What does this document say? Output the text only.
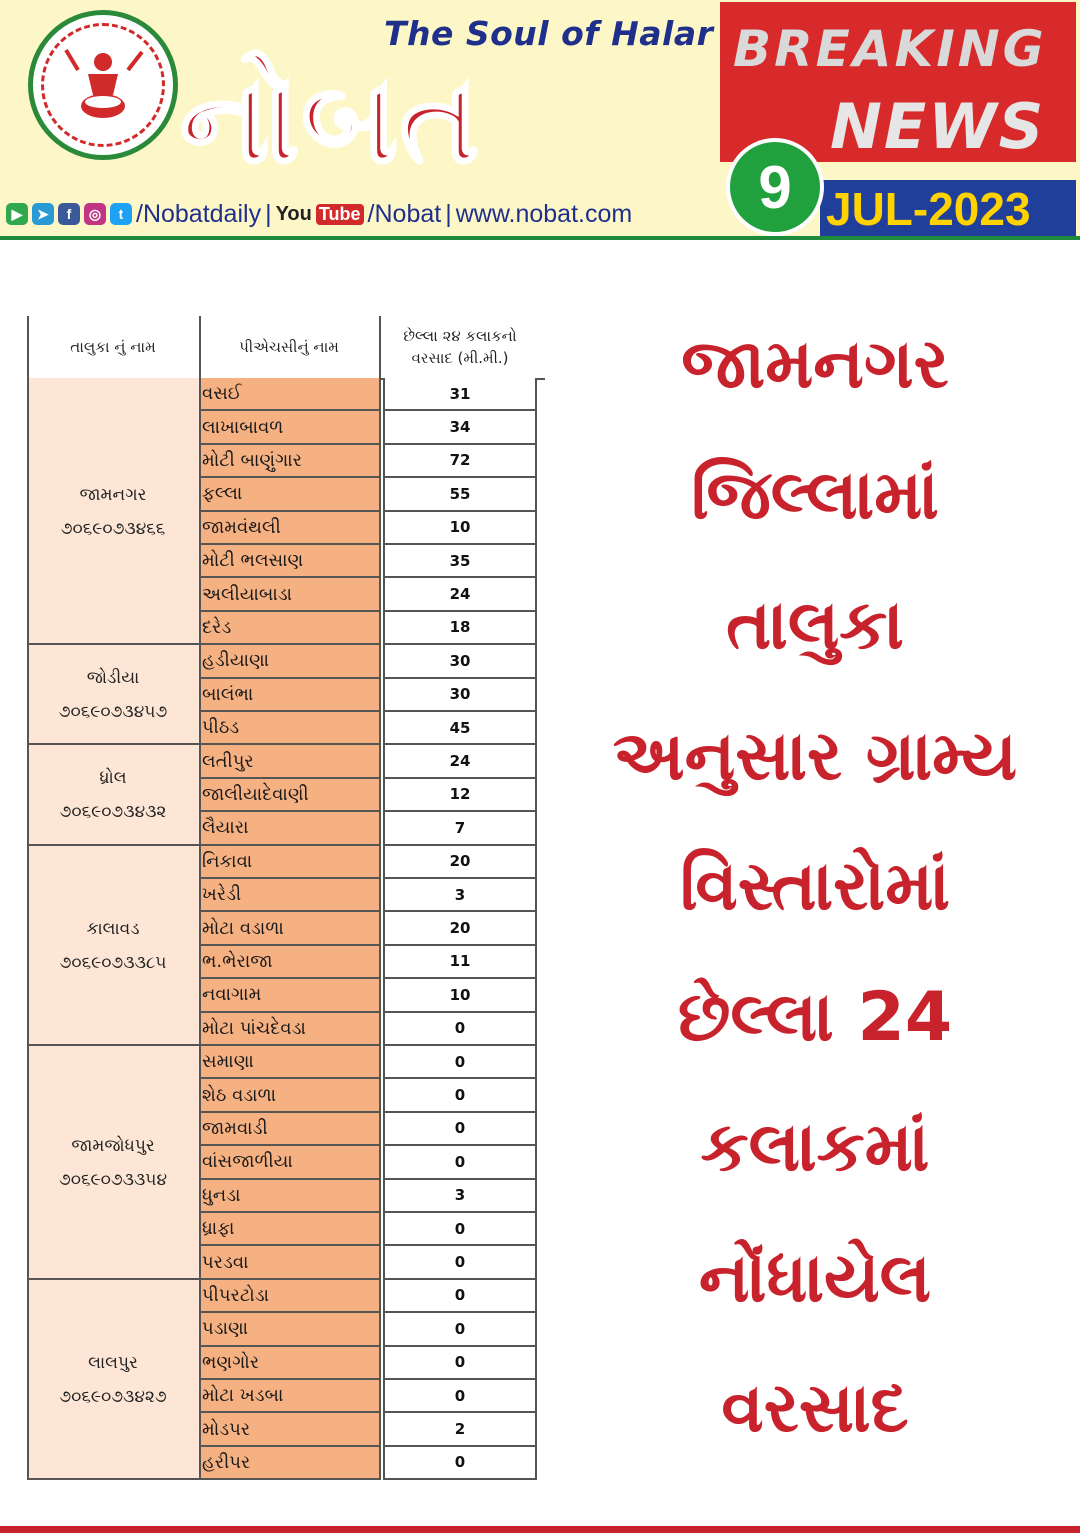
The Soul of Halar
નોબત
▶	➤	f	◎	t /Nobatdaily | You Tube /Nobat | www.nobat.com
BREAKING
NEWS
JUL-2023
9
તાલુકા નું નામ	પીએચસીનું નામ
છેલ્લા ૨૪ કલાકનો
વરસાદ (મી.મી.)
જામનગર
૭૦૬૯૦૭૩૪૬૬
વસઈ	31
લાખાબાવળ	34
મોટી બાણુંગાર	72
ફલ્લા	55
જામવંથલી	10
મોટી ભલસાણ	35
અલીયાબાડા	24
દરેડ	18
જોડીયા
૭૦૬૯૦૭૩૪૫૭
હડીયાણા	30
બાલંભા	30
પીઠડ	45
ધ્રોલ
૭૦૬૯૦૭૩૪૩૨
લતીપુર	24
જાલીયાદેવાણી	12
લૈયારા	7
કાલાવડ
૭૦૬૯૦૭૩૩૮૫
નિકાવા	20
ખરેડી	3
મોટા વડાળા	20
ભ.ભેરાજા	11
નવાગામ	10
મોટા પાંચદેવડા	0
જામજોધપુર
૭૦૬૯૦૭૩૩૫૪
સમાણા	0
શેઠ વડાળા	0
જામવાડી	0
વાંસજાળીયા	0
ધુનડા	3
ધ્રાફા	0
પરડવા	0
લાલપુર
૭૦૬૯૦૭૩૪૨૭
પીપરટોડા	0
પડાણા	0
ભણગોર	0
મોટા ખડબા	0
મોડપર	2
હરીપર	0
જામનગર
જિલ્લામાં
તાલુકા
અનુસાર ગ્રામ્ય
વિસ્તારોમાં
છેલ્લા 24
કલાકમાં
નોંધાયેલ
વરસાદ
